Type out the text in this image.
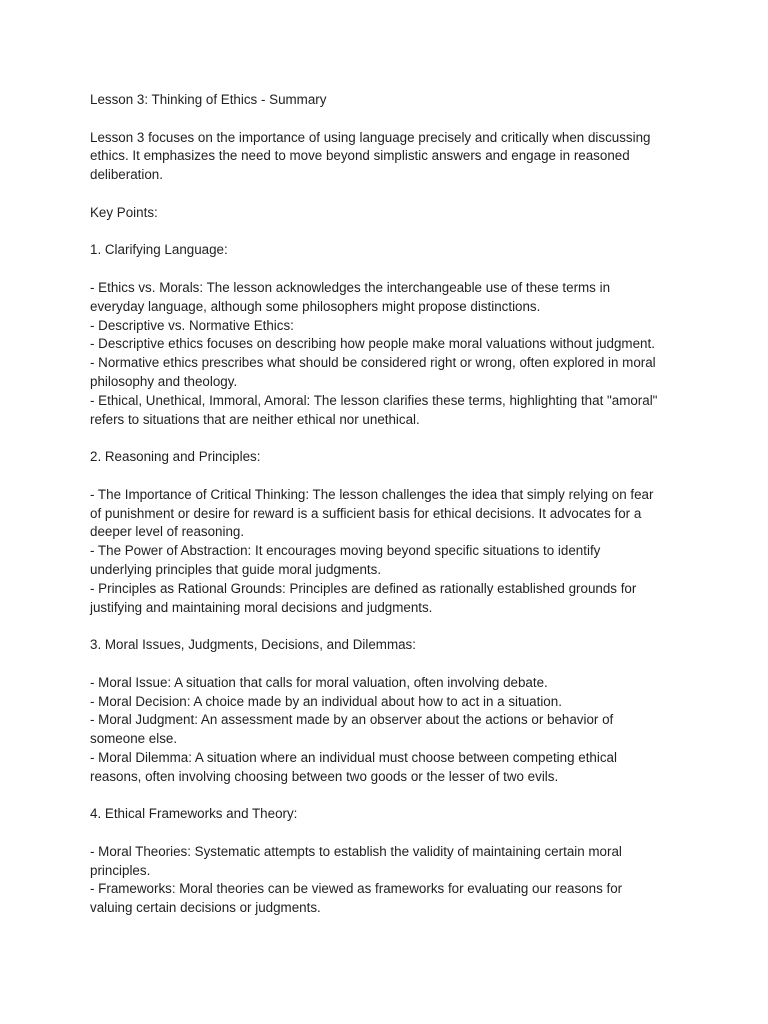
Lesson 3: Thinking of Ethics - Summary

Lesson 3 focuses on the importance of using language precisely and critically when discussing

ethics. It emphasizes the need to move beyond simplistic answers and engage in reasoned

deliberation.

Key Points:

1. Clarifying Language:

- Ethics vs. Morals: The lesson acknowledges the interchangeable use of these terms in

everyday language, although some philosophers might propose distinctions.

- Descriptive vs. Normative Ethics:

- Descriptive ethics focuses on describing how people make moral valuations without judgment.

- Normative ethics prescribes what should be considered right or wrong, often explored in moral

philosophy and theology.

- Ethical, Unethical, Immoral, Amoral: The lesson clarifies these terms, highlighting that "amoral"

refers to situations that are neither ethical nor unethical.

2. Reasoning and Principles:

- The Importance of Critical Thinking: The lesson challenges the idea that simply relying on fear

of punishment or desire for reward is a sufficient basis for ethical decisions. It advocates for a

deeper level of reasoning.

- The Power of Abstraction: It encourages moving beyond specific situations to identify

underlying principles that guide moral judgments.

- Principles as Rational Grounds: Principles are defined as rationally established grounds for

justifying and maintaining moral decisions and judgments.

3. Moral Issues, Judgments, Decisions, and Dilemmas:

- Moral Issue: A situation that calls for moral valuation, often involving debate.

- Moral Decision: A choice made by an individual about how to act in a situation.

- Moral Judgment: An assessment made by an observer about the actions or behavior of

someone else.

- Moral Dilemma: A situation where an individual must choose between competing ethical

reasons, often involving choosing between two goods or the lesser of two evils.

4. Ethical Frameworks and Theory:

- Moral Theories: Systematic attempts to establish the validity of maintaining certain moral

principles.

- Frameworks: Moral theories can be viewed as frameworks for evaluating our reasons for

valuing certain decisions or judgments.
